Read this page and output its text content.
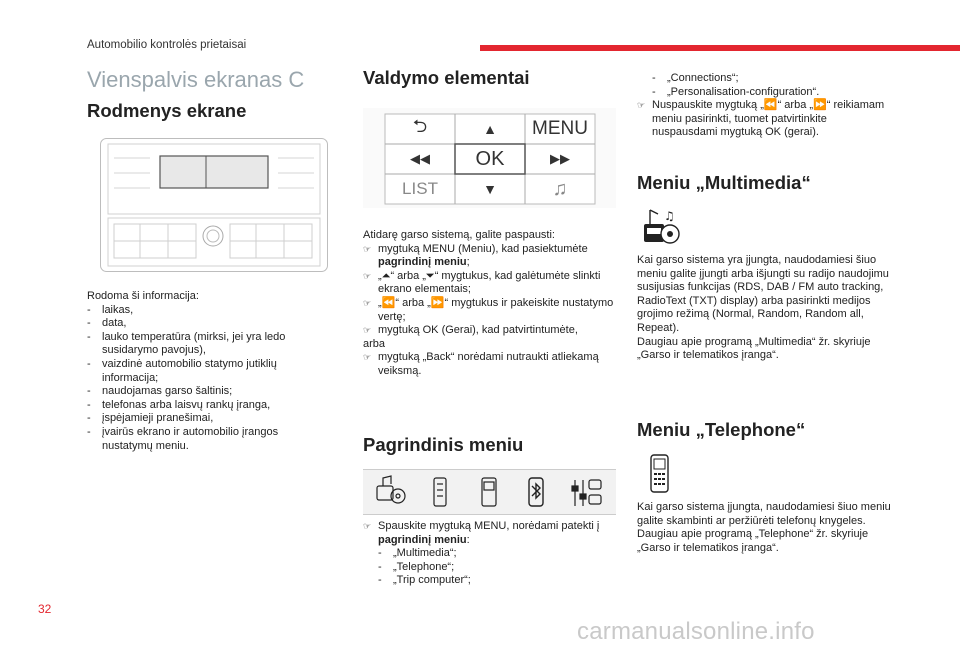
Automobilio kontrolės prietaisai
Vienspalvis ekranas C
Rodmenys ekrane
Rodoma ši informacija:
- laikas,
- data,
- lauko temperatūra (mirksi, jei yra ledo susidarymo pavojus),
- vaizdinė automobilio statymo jutiklių informacija;
- naudojamas garso šaltinis;
- telefonas arba laisvų rankų įranga,
- įspėjamieji pranešimai,
- įvairūs ekrano ir automobilio įrangos nustatymų meniu.
Valdymo elementai
⮌	▲	MENU
◀◀	OK	▶▶
LIST	▼	♫
Atidarę garso sistemą, galite paspausti:
☞ mygtuką MENU (Meniu), kad pasiektumėte pagrindinį meniu;
☞ „⏶“ arba „⏷“ mygtukus, kad galėtumėte slinkti ekrano elementais;
☞ „⏪“ arba „⏩“ mygtukus ir pakeiskite nustatymo vertę;
☞ mygtuką OK (Gerai), kad patvirtintumėte,
arba
☞ mygtuką „Back“ norėdami nutraukti atliekamą veiksmą.
Pagrindinis meniu
☞ Spauskite mygtuką MENU, norėdami patekti į pagrindinį meniu:
- „Multimedia“;
- „Telephone“;
- „Trip computer“;
- „Connections“;
- „Personalisation-configuration“.
☞ Nuspauskite mygtuką „⏪“ arba „⏩“ reikiamam meniu pasirinkti, tuomet patvirtinkite nuspausdami mygtuką OK (gerai).
Meniu „Multimedia“
♫
Kai garso sistema yra įjungta, naudodamiesi šiuo meniu galite įjungti arba išjungti su radijo naudojimu susijusias funkcijas (RDS, DAB / FM auto tracking, RadioText (TXT) display) arba pasirinkti medijos grojimo režimą (Normal, Random, Random all, Repeat).
Daugiau apie programą „Multimedia“ žr. skyriuje „Garso ir telematikos įranga“.
Meniu „Telephone“
Kai garso sistema įjungta, naudodamiesi šiuo meniu galite skambinti ar peržiūrėti telefonų knygeles.
Daugiau apie programą „Telephone“ žr. skyriuje „Garso ir telematikos įranga“.
32
carmanualsonline.info
